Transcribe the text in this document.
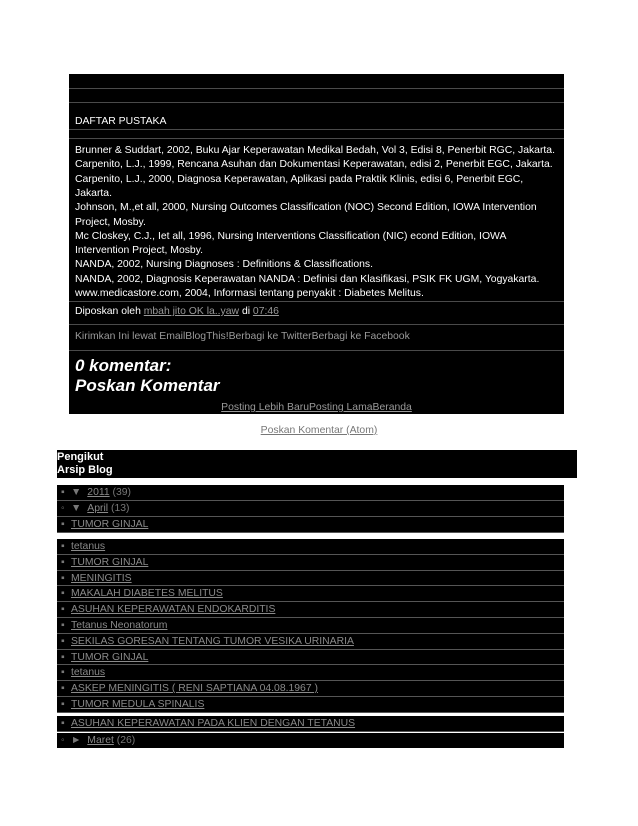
DAFTAR PUSTAKA
Diposkan oleh mbah jito OK la..yaw di 07:46
Kirimkan Ini lewat EmailBlogThis!Berbagi ke TwitterBerbagi ke Facebook
0 komentar:
Poskan Komentar
Posting Lebih BaruPosting LamaBeranda
Brunner & Suddart, 2002, Buku Ajar Keperawatan Medikal Bedah, Vol 3, Edisi 8, Penerbit RGC, Jakarta.
Carpenito, L.J., 1999, Rencana Asuhan dan Dokumentasi Keperawatan, edisi 2, Penerbit EGC, Jakarta.
Carpenito, L.J., 2000, Diagnosa Keperawatan, Aplikasi pada Praktik Klinis, edisi 6, Penerbit EGC,
Jakarta.
Johnson, M.,et all, 2000, Nursing Outcomes Classification (NOC) Second Edition, IOWA Intervention
Project, Mosby.
Mc Closkey, C.J., Iet all, 1996, Nursing Interventions Classification (NIC) econd Edition, IOWA
Intervention Project, Mosby.
NANDA, 2002, Nursing Diagnoses : Definitions & Classifications.
NANDA, 2002, Diagnosis Keperawatan NANDA : Definisi dan Klasifikasi, PSIK FK UGM, Yogyakarta.
www.medicastore.com, 2004, Informasi tentang penyakit : Diabetes Melitus.
Poskan Komentar (Atom)
Pengikut
Arsip Blog
▪ ▼ 2011 (39)
◦ ▼ April (13)
▪ TUMOR GINJAL
▪ tetanus
▪ TUMOR GINJAL
▪ MENINGITIS
▪ MAKALAH DIABETES MELITUS
▪ ASUHAN KEPERAWATAN ENDOKARDITIS
▪ Tetanus Neonatorum
▪ SEKILAS GORESAN TENTANG TUMOR VESIKA URINARIA
▪ TUMOR GINJAL
▪ tetanus
▪ ASKEP MENINGITIS ( RENI SAPTIANA 04.08.1967 )
▪ TUMOR MEDULA SPINALIS
▪ ASUHAN KEPERAWATAN PADA KLIEN DENGAN TETANUS
◦ ► Maret (26)
